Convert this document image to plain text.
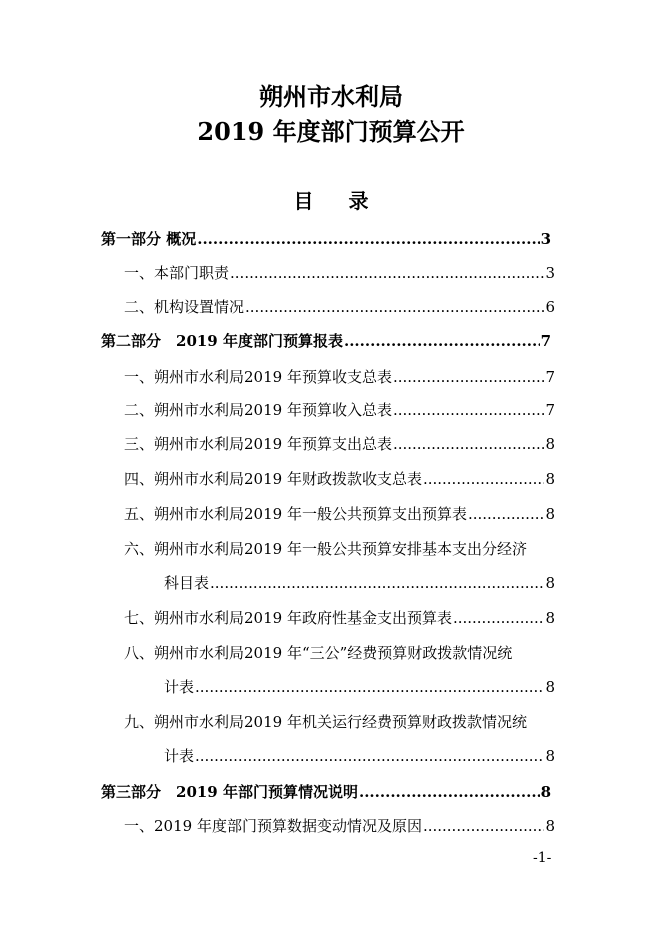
朔州市水利局
2019 年度部门预算公开
目 录
第一部分 概况 .....	3
一、本部门职责 .....	3
二、机构设置情况 .....	6
第二部分　2019 年度部门预算报表 .....	7
一、朔州市水利局2019 年预算收支总表 .....	7
二、朔州市水利局2019 年预算收入总表 .....	7
三、朔州市水利局2019 年预算支出总表 .....	8
四、朔州市水利局2019 年财政拨款收支总表 .....	8
五、朔州市水利局2019 年一般公共预算支出预算表 .....	8
六、朔州市水利局2019 年一般公共预算安排基本支出分经济
科目表 .....	8
七、朔州市水利局2019 年政府性基金支出预算表 .....	8
八、朔州市水利局2019 年“三公”经费预算财政拨款情况统
计表 .....	8
九、朔州市水利局2019 年机关运行经费预算财政拨款情况统
计表 .....	8
第三部分　2019 年部门预算情况说明 .....	8
一、2019 年度部门预算数据变动情况及原因 .....	8
-1-
